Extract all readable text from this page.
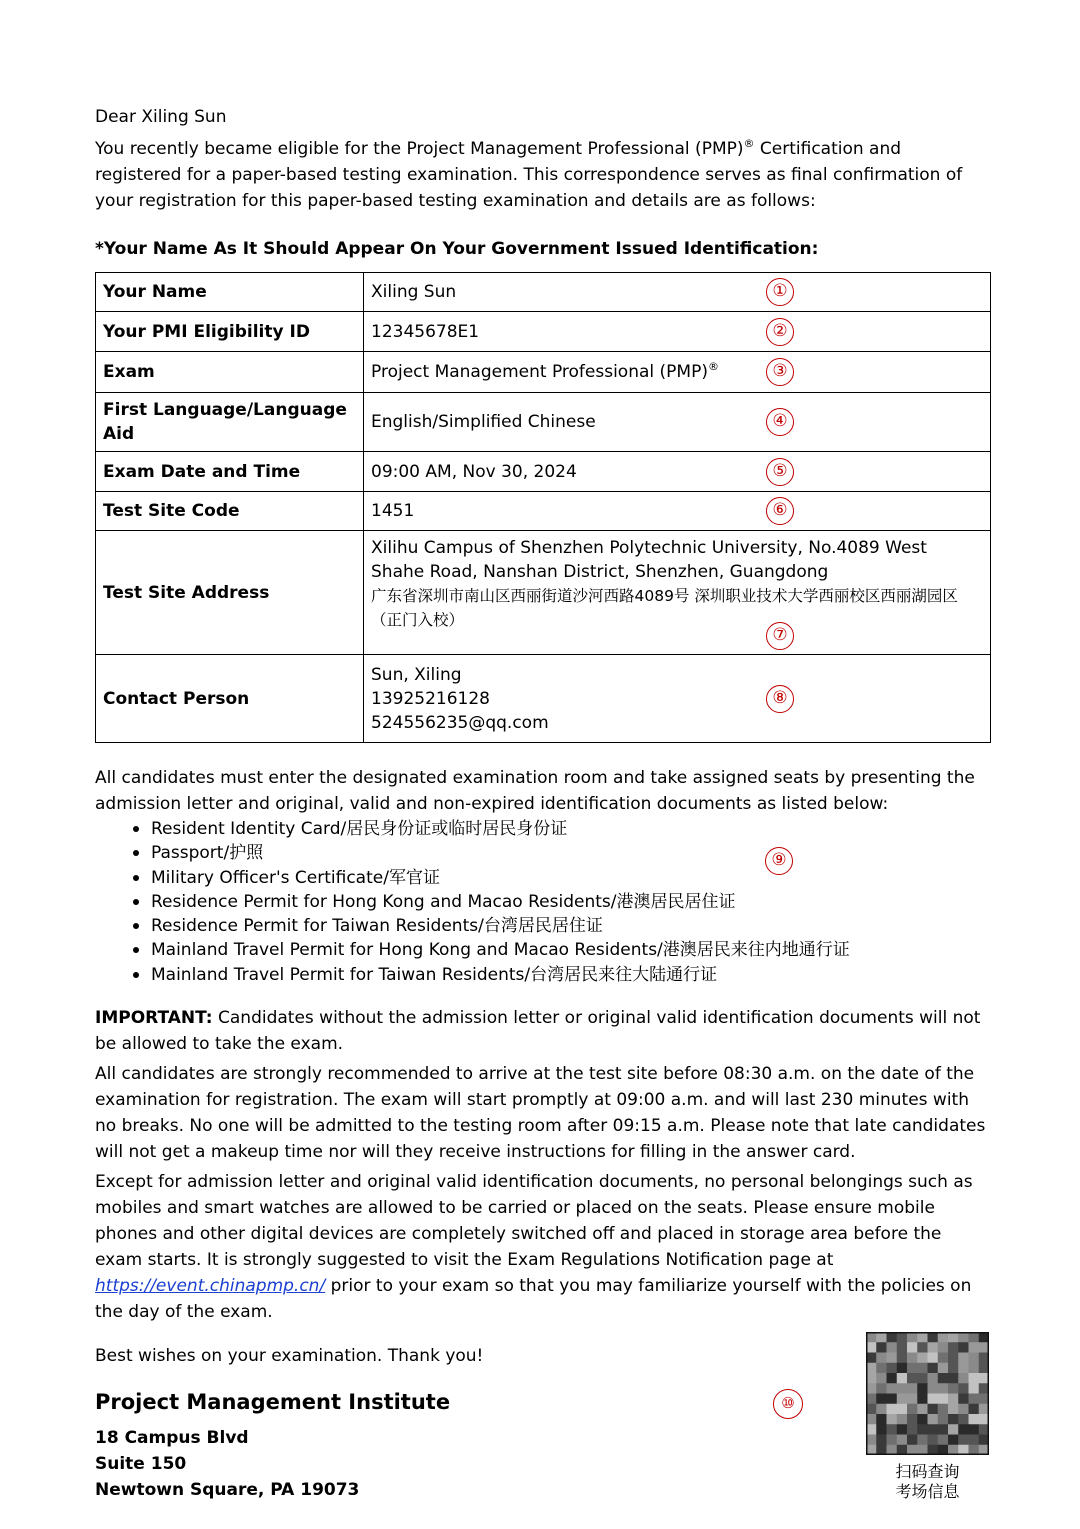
Dear Xiling Sun

You recently became eligible for the Project Management Professional (PMP)® Certification and registered for a paper-based testing examination. This correspondence serves as final confirmation of your registration for this paper-based testing examination and details are as follows:

*Your Name As It Should Appear On Your Government Issued Identification:

Your Name	Xiling Sun ①

Your PMI Eligibility ID	12345678E1 ②

Exam	Project Management Professional (PMP)® ③

First Language/Language Aid	English/Simplified Chinese ④

Exam Date and Time	09:00 AM, Nov 30, 2024 ⑤

Test Site Code	1451 ⑥

Test Site Address	Xilihu Campus of Shenzhen Polytechnic University, No.4089 West Shahe Road, Nanshan District, Shenzhen, Guangdong
广东省深圳市南山区西丽街道沙河西路4089号 深圳职业技术大学西丽校区西丽湖园区（正门入校）
⑦

Contact Person	Sun, Xiling
13925216128
524556235@qq.com
⑧

All candidates must enter the designated examination room and take assigned seats by presenting the admission letter and original, valid and non-expired identification documents as listed below:

Resident Identity Card/居民身份证或临时居民身份证
Passport/护照
Military Officer's Certificate/军官证
Residence Permit for Hong Kong and Macao Residents/港澳居民居住证
Residence Permit for Taiwan Residents/台湾居民居住证
Mainland Travel Permit for Hong Kong and Macao Residents/港澳居民来往内地通行证
Mainland Travel Permit for Taiwan Residents/台湾居民来往大陆通行证
⑨

IMPORTANT: Candidates without the admission letter or original valid identification documents will not be allowed to take the exam.

All candidates are strongly recommended to arrive at the test site before 08:30 a.m. on the date of the examination for registration. The exam will start promptly at 09:00 a.m. and will last 230 minutes with no breaks. No one will be admitted to the testing room after 09:15 a.m. Please note that late candidates will not get a makeup time nor will they receive instructions for filling in the answer card.

Except for admission letter and original valid identification documents, no personal belongings such as mobiles and smart watches are allowed to be carried or placed on the seats. Please ensure mobile phones and other digital devices are completely switched off and placed in storage area before the exam starts. It is strongly suggested to visit the Exam Regulations Notification page at https://event.chinapmp.cn/ prior to your exam so that you may familiarize yourself with the policies on the day of the exam.

Best wishes on your examination. Thank you!

Project Management Institute

18 Campus Blvd
Suite 150
Newtown Square, PA 19073
⑩
扫码查询
考场信息
